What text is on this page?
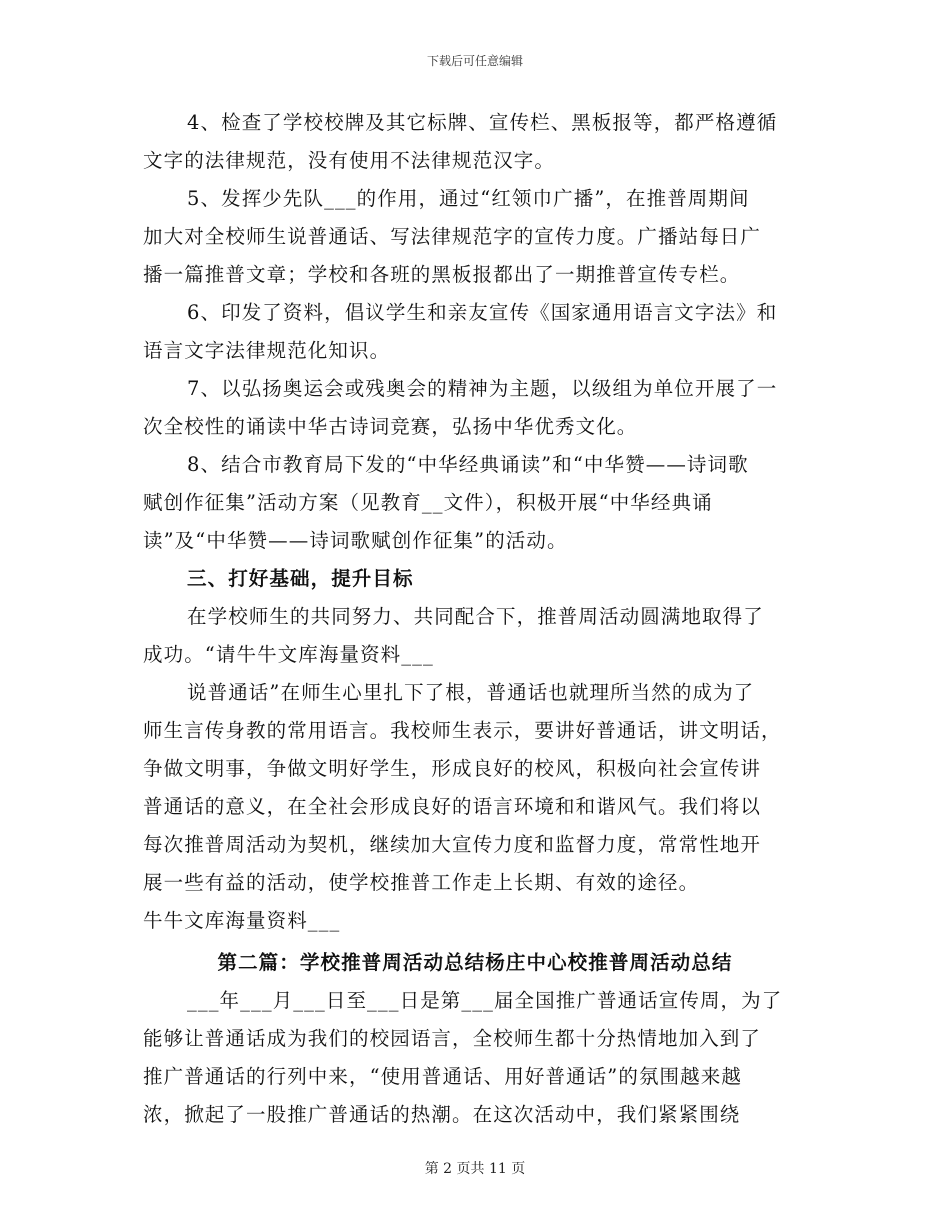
下载后可任意编辑
4、检查了学校校牌及其它标牌、宣传栏、黑板报等，都严格遵循
文字的法律规范，没有使用不法律规范汉字。
5、发挥少先队___的作用，通过“红领巾广播”，在推普周期间
加大对全校师生说普通话、写法律规范字的宣传力度。广播站每日广
播一篇推普文章；学校和各班的黑板报都出了一期推普宣传专栏。
6、印发了资料，倡议学生和亲友宣传《国家通用语言文字法》和
语言文字法律规范化知识。
7、以弘扬奥运会或残奥会的精神为主题，以级组为单位开展了一
次全校性的诵读中华古诗词竞赛，弘扬中华优秀文化。
8、结合市教育局下发的“中华经典诵读”和“中华赞——诗词歌
赋创作征集”活动方案（见教育__文件），积极开展“中华经典诵
读”及“中华赞——诗词歌赋创作征集”的活动。
三、打好基础，提升目标
在学校师生的共同努力、共同配合下，推普周活动圆满地取得了
成功。“请牛牛文库海量资料___
说普通话”在师生心里扎下了根，普通话也就理所当然的成为了
师生言传身教的常用语言。我校师生表示，要讲好普通话，讲文明话，
争做文明事，争做文明好学生，形成良好的校风，积极向社会宣传讲
普通话的意义，在全社会形成良好的语言环境和和谐风气。我们将以
每次推普周活动为契机，继续加大宣传力度和监督力度，常常性地开
展一些有益的活动，使学校推普工作走上长期、有效的途径。
牛牛文库海量资料___
第二篇：学校推普周活动总结杨庄中心校推普周活动总结
___年___月___日至___日是第___届全国推广普通话宣传周，为了
能够让普通话成为我们的校园语言，全校师生都十分热情地加入到了
推广普通话的行列中来，“使用普通话、用好普通话”的氛围越来越
浓，掀起了一股推广普通话的热潮。在这次活动中，我们紧紧围绕
第 2 页共 11 页
